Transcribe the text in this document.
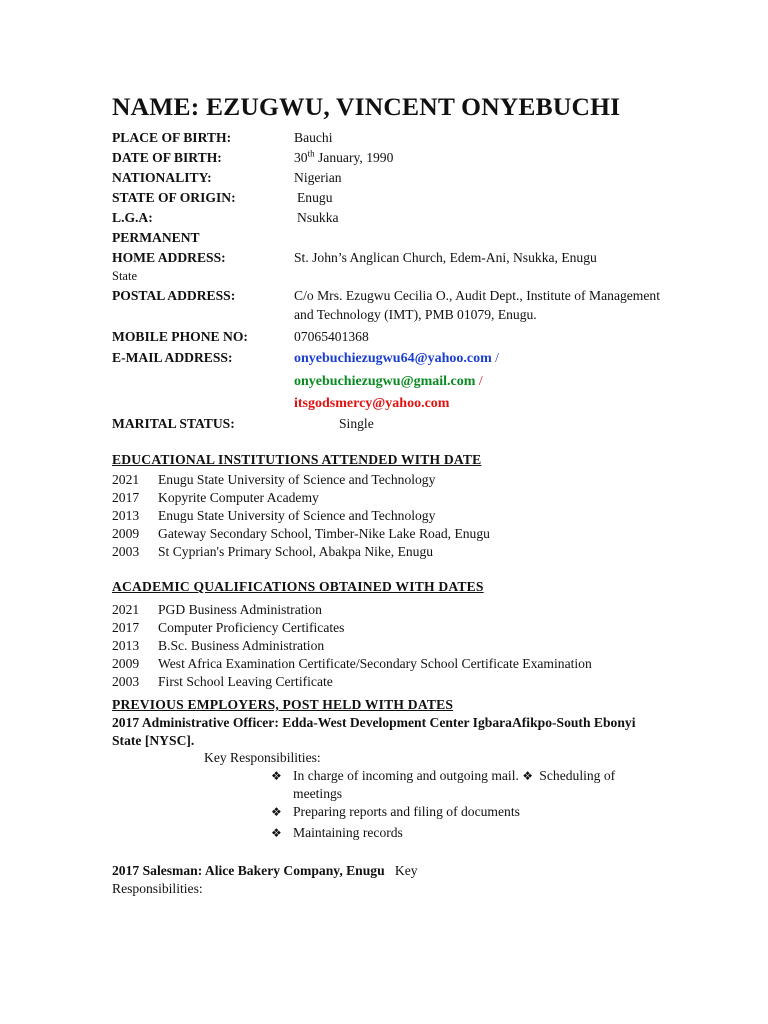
NAME: EZUGWU, VINCENT ONYEBUCHI
PLACE OF BIRTH:	Bauchi
DATE OF BIRTH:	30th January, 1990
NATIONALITY:	Nigerian
STATE OF ORIGIN:	Enugu
L.G.A:	Nsukka
PERMANENT
HOME ADDRESS:	St. John’s Anglican Church, Edem-Ani, Nsukka, Enugu
State
POSTAL ADDRESS:	C/o Mrs. Ezugwu Cecilia O., Audit Dept., Institute of Management and Technology (IMT), PMB 01079, Enugu.
MOBILE PHONE NO:	07065401368
E-MAIL ADDRESS:	onyebuchiezugwu64@yahoo.com /
onyebuchiezugwu@gmail.com /
itsgodsmercy@yahoo.com
MARITAL STATUS:	Single
EDUCATIONAL INSTITUTIONS ATTENDED WITH DATE
2021 Enugu State University of Science and Technology
2017 Kopyrite Computer Academy
2013 Enugu State University of Science and Technology
2009 Gateway Secondary School, Timber-Nike Lake Road, Enugu
2003 St Cyprian's Primary School, Abakpa Nike, Enugu
ACADEMIC QUALIFICATIONS OBTAINED WITH DATES
2021 PGD Business Administration
2017 Computer Proficiency Certificates
2013 B.Sc. Business Administration
2009 West Africa Examination Certificate/Secondary School Certificate Examination
2003 First School Leaving Certificate
PREVIOUS EMPLOYERS, POST HELD WITH DATES
2017 Administrative Officer: Edda-West Development Center IgbaraAfikpo-South Ebonyi State [NYSC].
Key Responsibilities:
❖ In charge of incoming and outgoing mail. ❖ Scheduling of
meetings
❖ Preparing reports and filing of documents
❖ Maintaining records
2017 Salesman: Alice Bakery Company, Enugu Key
Responsibilities:
